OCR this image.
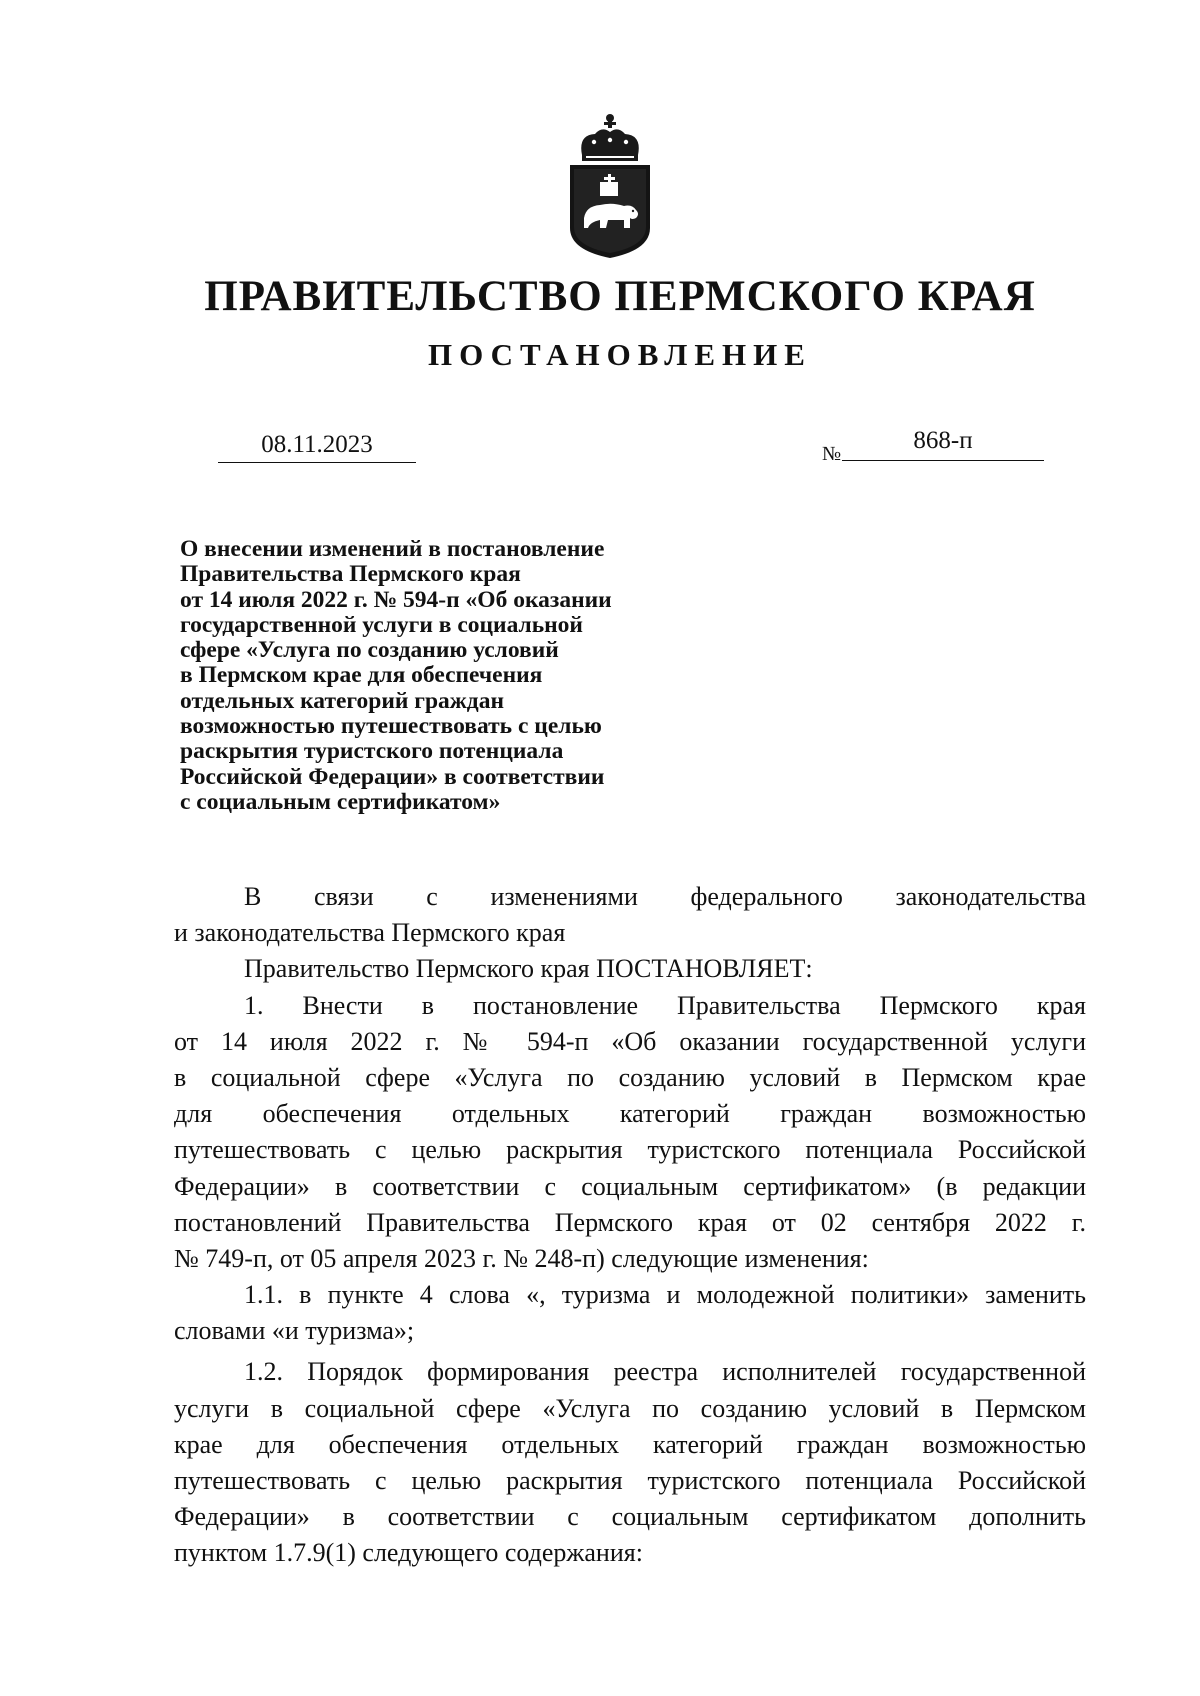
ПРАВИТЕЛЬСТВО ПЕРМСКОГО КРАЯ
ПОСТАНОВЛЕНИЕ
08.11.2023	№	868-п
О внесении изменений в постановление
Правительства Пермского края
от 14 июля 2022 г. № 594-п «Об оказании
государственной услуги в социальной
сфере «Услуга по созданию условий
в Пермском крае для обеспечения
отдельных категорий граждан
возможностью путешествовать с целью
раскрытия туристского потенциала
Российской Федерации» в соответствии
с социальным сертификатом»
В связи с изменениями федерального законодательства
и законодательства Пермского края
Правительство Пермского края ПОСТАНОВЛЯЕТ:
1. Внести в постановление Правительства Пермского края
от 14 июля 2022 г. № 594-п «Об оказании государственной услуги
в социальной сфере «Услуга по созданию условий в Пермском крае
для обеспечения отдельных категорий граждан возможностью
путешествовать с целью раскрытия туристского потенциала Российской
Федерации» в соответствии с социальным сертификатом» (в редакции
постановлений Правительства Пермского края от 02 сентября 2022 г.
№ 749-п, от 05 апреля 2023 г. № 248-п) следующие изменения:
1.1. в пункте 4 слова «, туризма и молодежной политики» заменить
словами «и туризма»;
1.2. Порядок формирования реестра исполнителей государственной
услуги в социальной сфере «Услуга по созданию условий в Пермском
крае для обеспечения отдельных категорий граждан возможностью
путешествовать с целью раскрытия туристского потенциала Российской
Федерации» в соответствии с социальным сертификатом дополнить
пунктом 1.7.9(1) следующего содержания:
